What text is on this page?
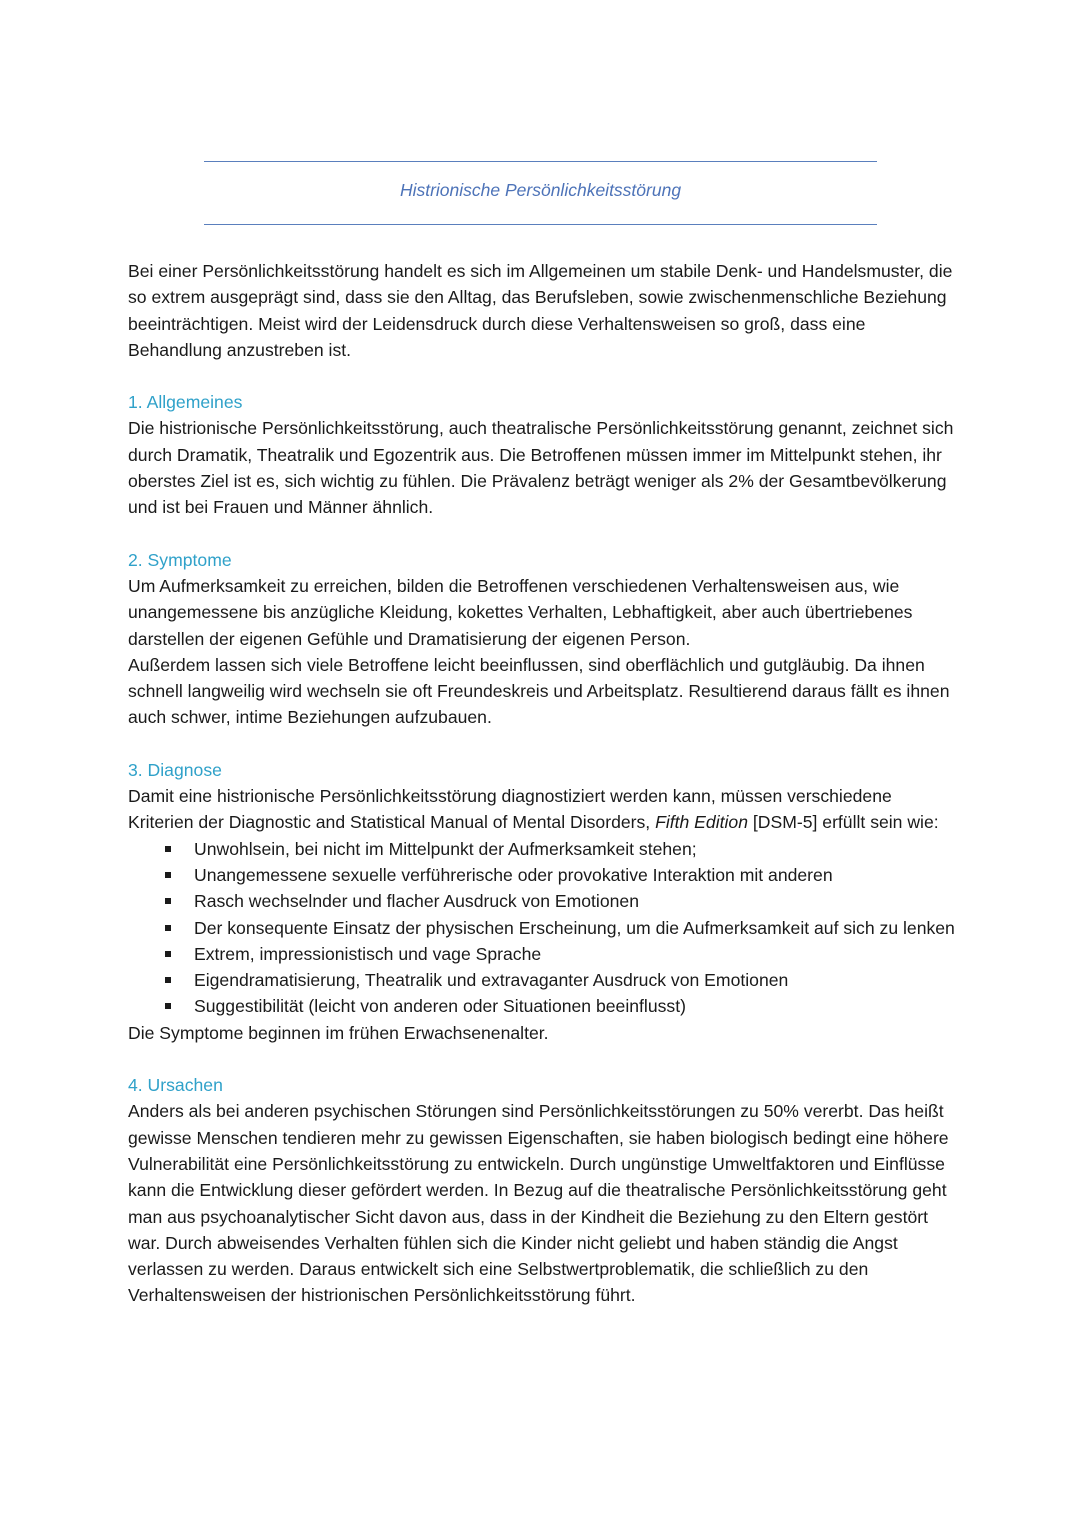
Histrionische Persönlichkeitsstörung

Bei einer Persönlichkeitsstörung handelt es sich im Allgemeinen um stabile Denk- und Handelsmuster, die so extrem ausgeprägt sind, dass sie den Alltag, das Berufsleben, sowie zwischenmenschliche Beziehung beeinträchtigen. Meist wird der Leidensdruck durch diese Verhaltensweisen so groß, dass eine Behandlung anzustreben ist.

1. Allgemeines

Die histrionische Persönlichkeitsstörung, auch theatralische Persönlichkeitsstörung genannt, zeichnet sich durch Dramatik, Theatralik und Egozentrik aus. Die Betroffenen müssen immer im Mittelpunkt stehen, ihr oberstes Ziel ist es, sich wichtig zu fühlen. Die Prävalenz beträgt weniger als 2% der Gesamtbevölkerung und ist bei Frauen und Männer ähnlich.

2. Symptome

Um Aufmerksamkeit zu erreichen, bilden die Betroffenen verschiedenen Verhaltensweisen aus, wie unangemessene bis anzügliche Kleidung, kokettes Verhalten, Lebhaftigkeit, aber auch übertriebenes darstellen der eigenen Gefühle und Dramatisierung der eigenen Person.

Außerdem lassen sich viele Betroffene leicht beeinflussen, sind oberflächlich und gutgläubig. Da ihnen schnell langweilig wird wechseln sie oft Freundeskreis und Arbeitsplatz. Resultierend daraus fällt es ihnen auch schwer, intime Beziehungen aufzubauen.

3. Diagnose

Damit eine histrionische Persönlichkeitsstörung diagnostiziert werden kann, müssen verschiedene Kriterien der Diagnostic and Statistical Manual of Mental Disorders, Fifth Edition [DSM-5] erfüllt sein wie:

Unwohlsein, bei nicht im Mittelpunkt der Aufmerksamkeit stehen;
Unangemessene sexuelle verführerische oder provokative Interaktion mit anderen
Rasch wechselnder und flacher Ausdruck von Emotionen
Der konsequente Einsatz der physischen Erscheinung, um die Aufmerksamkeit auf sich zu lenken
Extrem, impressionistisch und vage Sprache
Eigendramatisierung, Theatralik und extravaganter Ausdruck von Emotionen
Suggestibilität (leicht von anderen oder Situationen beeinflusst)

Die Symptome beginnen im frühen Erwachsenenalter.

4. Ursachen

Anders als bei anderen psychischen Störungen sind Persönlichkeitsstörungen zu 50% vererbt. Das heißt gewisse Menschen tendieren mehr zu gewissen Eigenschaften, sie haben biologisch bedingt eine höhere Vulnerabilität eine Persönlichkeitsstörung zu entwickeln. Durch ungünstige Umweltfaktoren und Einflüsse kann die Entwicklung dieser gefördert werden. In Bezug auf die theatralische Persönlichkeitsstörung geht man aus psychoanalytischer Sicht davon aus, dass in der Kindheit die Beziehung zu den Eltern gestört war. Durch abweisendes Verhalten fühlen sich die Kinder nicht geliebt und haben ständig die Angst verlassen zu werden. Daraus entwickelt sich eine Selbstwertproblematik, die schließlich zu den Verhaltensweisen der histrionischen Persönlichkeitsstörung führt.
